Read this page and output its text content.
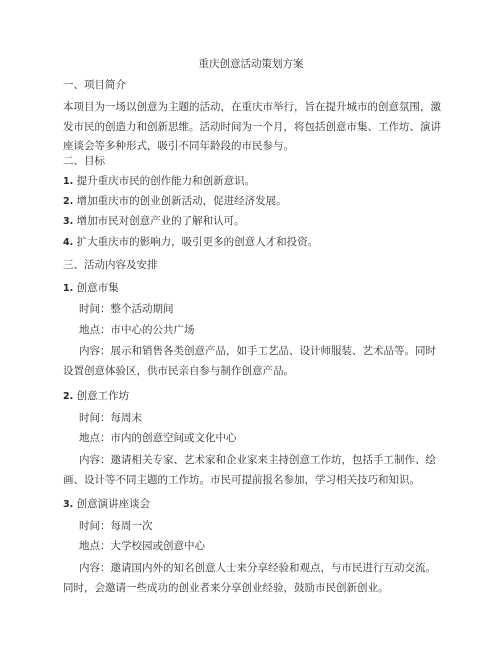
重庆创意活动策划方案
一、项目简介
本项目为一场以创意为主题的活动，在重庆市举行，旨在提升城市的创意氛围，激发市民的创造力和创新思维。活动时间为一个月，将包括创意市集、工作坊、演讲座谈会等多种形式，吸引不同年龄段的市民参与。
二、目标
1. 提升重庆市民的创作能力和创新意识。
2. 增加重庆市的创业创新活动，促进经济发展。
3. 增加市民对创意产业的了解和认可。
4. 扩大重庆市的影响力，吸引更多的创意人才和投资。
三、活动内容及安排
1. 创意市集
时间：整个活动期间
地点：市中心的公共广场
内容：展示和销售各类创意产品，如手工艺品、设计师服装、艺术品等。同时设置创意体验区，供市民亲自参与制作创意产品。
2. 创意工作坊
时间：每周末
地点：市内的创意空间或文化中心
内容：邀请相关专家、艺术家和企业家来主持创意工作坊，包括手工制作、绘画、设计等不同主题的工作坊。市民可提前报名参加，学习相关技巧和知识。
3. 创意演讲座谈会
时间：每周一次
地点：大学校园或创意中心
内容：邀请国内外的知名创意人士来分享经验和观点，与市民进行互动交流。同时，会邀请一些成功的创业者来分享创业经验，鼓励市民创新创业。
